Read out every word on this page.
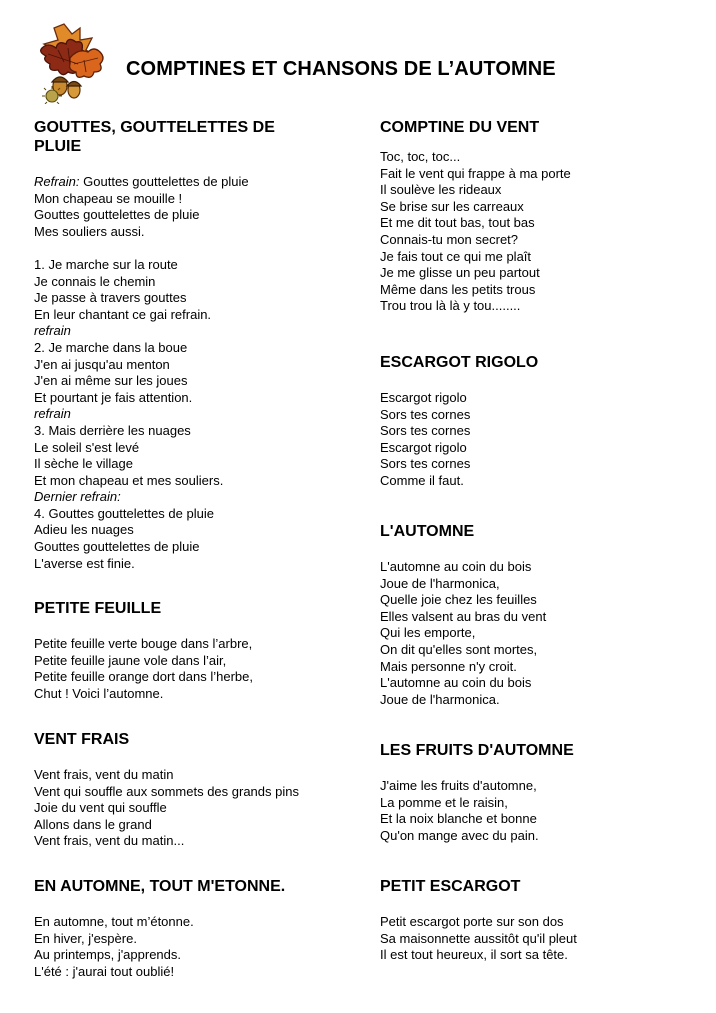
COMPTINES ET CHANSONS DE L’AUTOMNE
GOUTTES, GOUTTELETTES DE PLUIE
Refrain: Gouttes gouttelettes de pluie
Mon chapeau se mouille !
Gouttes gouttelettes de pluie
Mes souliers aussi.
1. Je marche sur la route
Je connais le chemin
Je passe à travers gouttes
En leur chantant ce gai refrain.
refrain
2. Je marche dans la boue
J'en ai jusqu'au menton
J'en ai même sur les joues
Et pourtant je fais attention.
refrain
3. Mais derrière les nuages
Le soleil s'est levé
Il sèche le village
Et mon chapeau et mes souliers.
Dernier refrain:
4. Gouttes gouttelettes de pluie
Adieu les nuages
Gouttes gouttelettes de pluie
L'averse est finie.
PETITE FEUILLE
Petite feuille verte bouge dans l’arbre,
Petite feuille jaune vole dans l’air,
Petite feuille orange dort dans l’herbe,
Chut ! Voici l’automne.
VENT FRAIS
Vent frais, vent du matin
Vent qui souffle aux sommets des grands pins
Joie du vent qui souffle
Allons dans le grand
Vent frais, vent du matin...
EN AUTOMNE, TOUT M'ETONNE.
En automne, tout m’étonne.
En hiver, j'espère.
Au printemps, j'apprends.
L'été : j'aurai tout oublié!
COMPTINE DU VENT
Toc, toc, toc...
Fait le vent qui frappe à ma porte
Il soulève les rideaux
Se brise sur les carreaux
Et me dit tout bas, tout bas
Connais-tu mon secret?
Je fais tout ce qui me plaît
Je me glisse un peu partout
Même dans les petits trous
Trou trou là là y tou........
ESCARGOT RIGOLO
Escargot rigolo
Sors tes cornes
Sors tes cornes
Escargot rigolo
Sors tes cornes
Comme il faut.
L'AUTOMNE
L'automne au coin du bois
Joue de l'harmonica,
Quelle joie chez les feuilles
Elles valsent au bras du vent
Qui les emporte,
On dit qu'elles sont mortes,
Mais personne n'y croit.
L'automne au coin du bois
Joue de l'harmonica.
LES FRUITS D'AUTOMNE
J'aime les fruits d'automne,
La pomme et le raisin,
Et la noix blanche et bonne
Qu'on mange avec du pain.
PETIT ESCARGOT
Petit escargot porte sur son dos
Sa maisonnette aussitôt qu'il pleut
Il est tout heureux, il sort sa tête.
